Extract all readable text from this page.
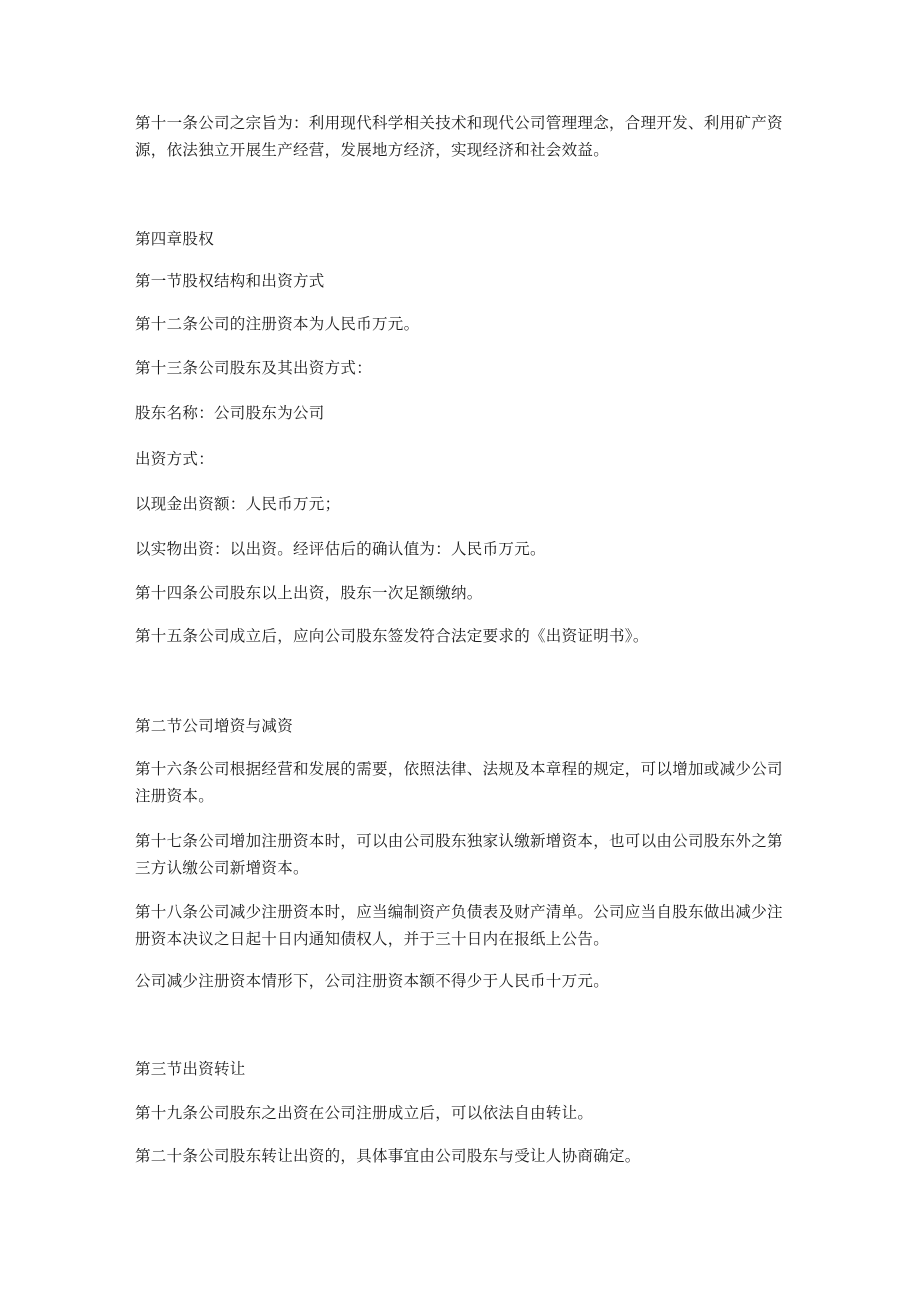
第十一条公司之宗旨为：利用现代科学相关技术和现代公司管理理念，合理开发、利用矿产资源，依法独立开展生产经营，发展地方经济，实现经济和社会效益。

第四章股权

第一节股权结构和出资方式

第十二条公司的注册资本为人民币万元。

第十三条公司股东及其出资方式：

股东名称：公司股东为公司

出资方式：

以现金出资额：人民币万元；

以实物出资：以出资。经评估后的确认值为：人民币万元。

第十四条公司股东以上出资，股东一次足额缴纳。

第十五条公司成立后，应向公司股东签发符合法定要求的《出资证明书》。

第二节公司增资与减资

第十六条公司根据经营和发展的需要，依照法律、法规及本章程的规定，可以增加或减少公司注册资本。

第十七条公司增加注册资本时，可以由公司股东独家认缴新增资本，也可以由公司股东外之第三方认缴公司新增资本。

第十八条公司减少注册资本时，应当编制资产负债表及财产清单。公司应当自股东做出减少注册资本决议之日起十日内通知债权人，并于三十日内在报纸上公告。

公司减少注册资本情形下，公司注册资本额不得少于人民币十万元。

第三节出资转让

第十九条公司股东之出资在公司注册成立后，可以依法自由转让。

第二十条公司股东转让出资的，具体事宜由公司股东与受让人协商确定。
